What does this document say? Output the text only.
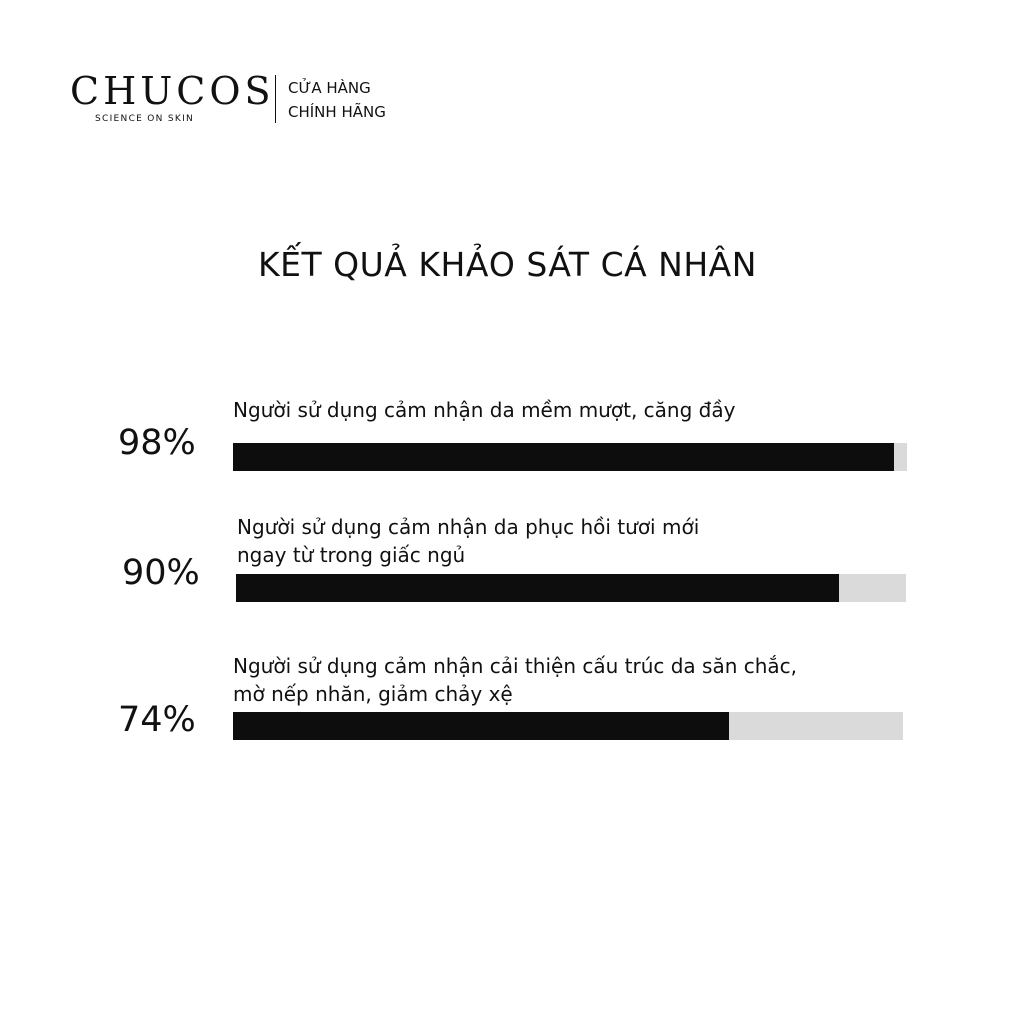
CHUCOS
SCIENCE ON SKIN
CỬA HÀNG
CHÍNH HÃNG
KẾT QUẢ KHẢO SÁT CÁ NHÂN
98%
Người sử dụng cảm nhận da mềm mượt, căng đầy
90%
Người sử dụng cảm nhận da phục hồi tươi mới
ngay từ trong giấc ngủ
74%
Người sử dụng cảm nhận cải thiện cấu trúc da săn chắc,
mờ nếp nhăn, giảm chảy xệ
